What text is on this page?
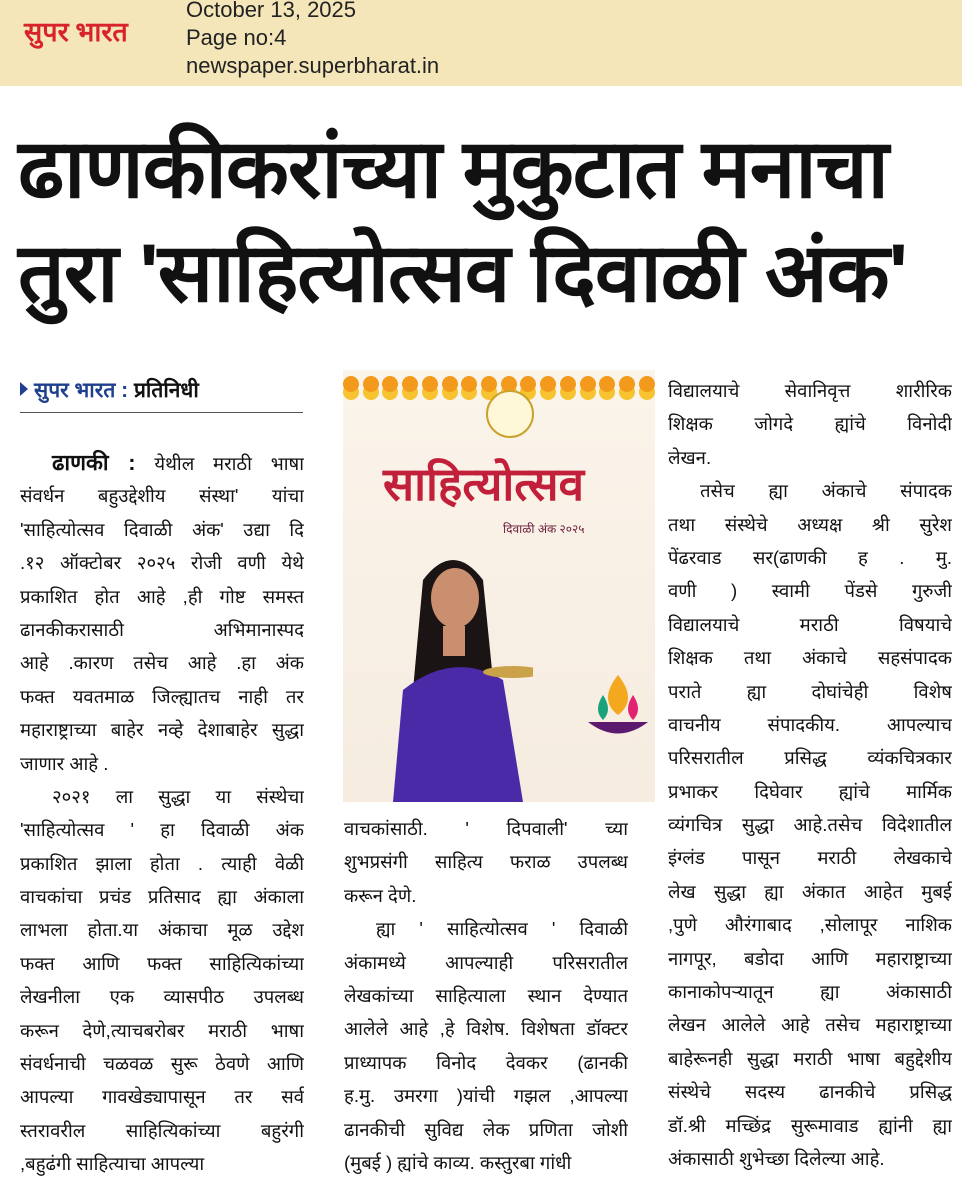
सुपर भारत
October 13, 2025
Page no:4
newspaper.superbharat.in
ढाणकीकरांच्या मुकुटात मनाचा
तुरा 'साहित्योत्सव दिवाळी अंक'
सुपर भारत : प्रतिनिधी
साहित्योत्सव
दिवाळी अंक २०२५
ढाणकी : येथील मराठी भाषा
संवर्धन बहुउद्देशीय संस्था' यांचा
'साहित्योत्सव दिवाळी अंक' उद्या दि
.१२ ऑक्टोबर २०२५ रोजी वणी येथे
प्रकाशित होत आहे ,ही गोष्ट समस्त
ढानकीकरासाठी अभिमानास्पद
आहे .कारण तसेच आहे .हा अंक
फक्त यवतमाळ जिल्ह्यातच नाही तर
महाराष्ट्राच्या बाहेर नव्हे देशाबाहेर सुद्धा
जाणार आहे .
२०२१ ला सुद्धा या संस्थेचा
'साहित्योत्सव ' हा दिवाळी अंक
प्रकाशित झाला होता . त्याही वेळी
वाचकांचा प्रचंड प्रतिसाद ह्या अंकाला
लाभला होता.या अंकाचा मूळ उद्देश
फक्त आणि फक्त साहित्यिकांच्या
लेखनीला एक व्यासपीठ उपलब्ध
करून देणे,त्याचबरोबर मराठी भाषा
संवर्धनाची चळवळ सुरू ठेवणे आणि
आपल्या गावखेड्यापासून तर सर्व
स्तरावरील साहित्यिकांच्या बहुरंगी
,बहुढंगी साहित्याचा आपल्या
वाचकांसाठी. ' दिपवाली' च्या
शुभप्रसंगी साहित्य फराळ उपलब्ध
करून देणे.
ह्या ' साहित्योत्सव ' दिवाळी
अंकामध्ये आपल्याही परिसरातील
लेखकांच्या साहित्याला स्थान देण्यात
आलेले आहे ,हे विशेष. विशेषता डॉक्टर
प्राध्यापक विनोद देवकर (ढानकी
ह.मु. उमरगा )यांची गझल ,आपल्या
ढानकीची सुविद्य लेक प्रणिता जोशी
(मुबई ) ह्यांचे काव्य. कस्तुरबा गांधी
विद्यालयाचे सेवानिवृत्त शारीरिक
शिक्षक जोगदे ह्यांचे विनोदी
लेखन.
तसेच ह्या अंकाचे संपादक
तथा संस्थेचे अध्यक्ष श्री सुरेश
पेंढरवाड सर(ढाणकी ह . मु.
वणी ) स्वामी पेंडसे गुरुजी
विद्यालयाचे मराठी विषयाचे
शिक्षक तथा अंकाचे सहसंपादक
पराते ह्या दोघांचेही विशेष
वाचनीय संपादकीय. आपल्याच
परिसरातील प्रसिद्ध व्यंकचित्रकार
प्रभाकर दिघेवार ह्यांचे मार्मिक
व्यंगचित्र सुद्धा आहे.तसेच विदेशातील
इंग्लंड पासून मराठी लेखकाचे
लेख सुद्धा ह्या अंकात आहेत मुबई
,पुणे औरंगाबाद ,सोलापूर नाशिक
नागपूर, बडोदा आणि महाराष्ट्राच्या
कानाकोपऱ्यातून ह्या अंकासाठी
लेखन आलेले आहे तसेच महाराष्ट्राच्या
बाहेरूनही सुद्धा मराठी भाषा बहुद्देशीय
संस्थेचे सदस्य ढानकीचे प्रसिद्ध
डॉ.श्री मच्छिंद्र सुरूमावाड ह्यांनी ह्या
अंकासाठी शुभेच्छा दिलेल्या आहे.
